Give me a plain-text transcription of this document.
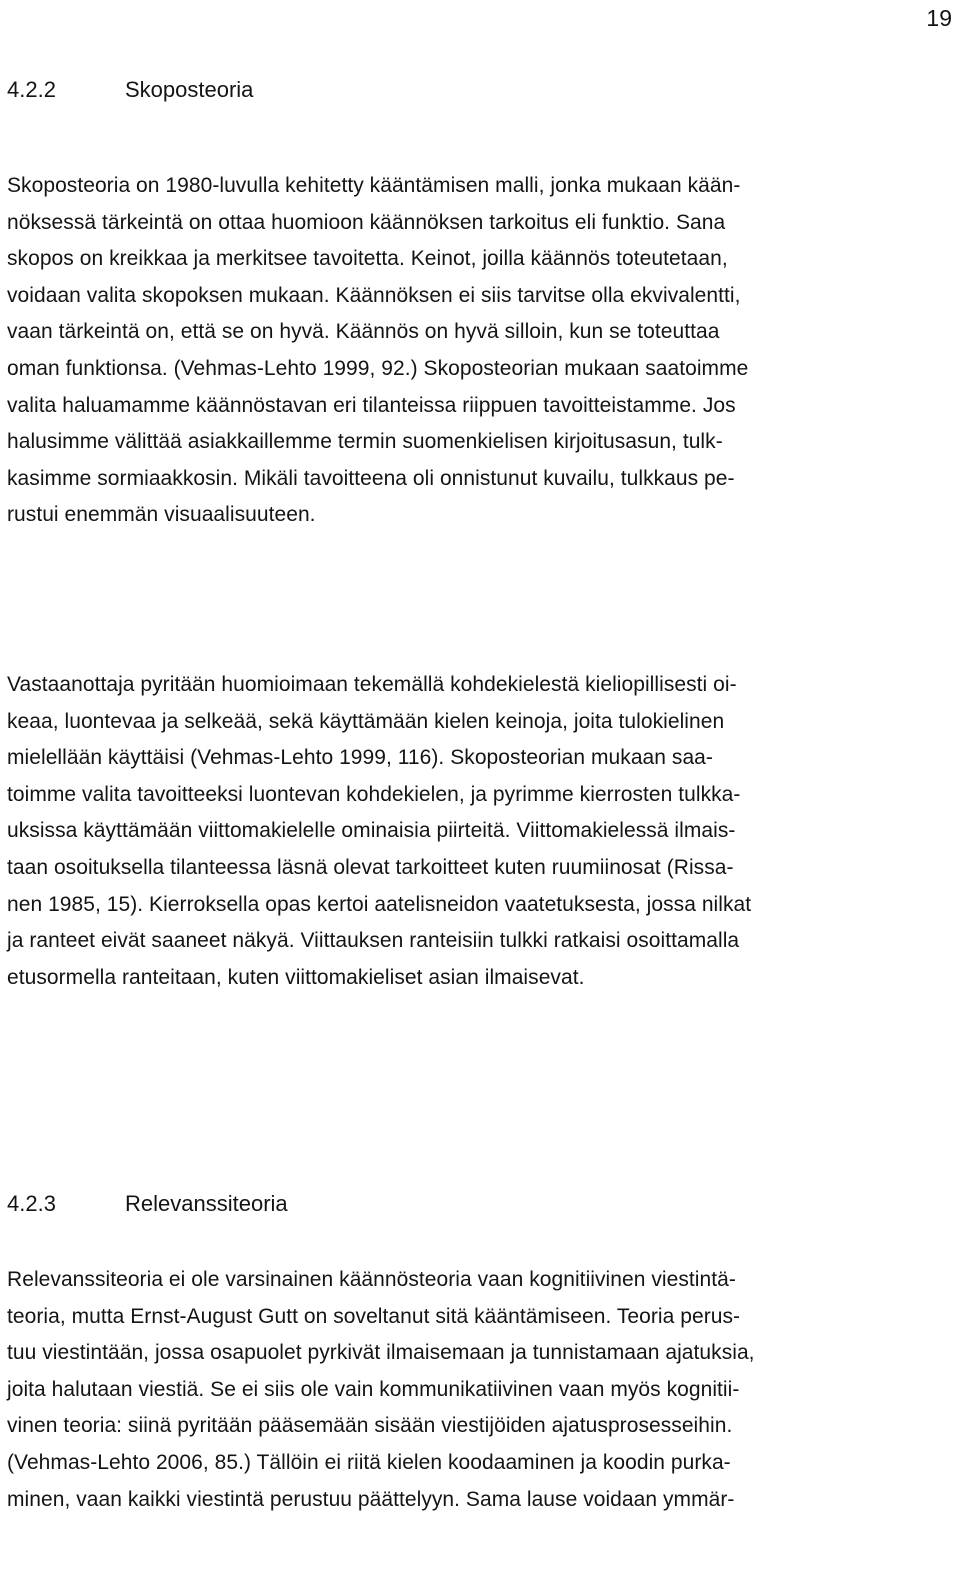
19
4.2.2	Skoposteoria
Skoposteoria on 1980-luvulla kehitetty kääntämisen malli, jonka mukaan kään-
nöksessä tärkeintä on ottaa huomioon käännöksen tarkoitus eli funktio. Sana
skopos on kreikkaa ja merkitsee tavoitetta. Keinot, joilla käännös toteutetaan,
voidaan valita skopoksen mukaan. Käännöksen ei siis tarvitse olla ekvivalentti,
vaan tärkeintä on, että se on hyvä. Käännös on hyvä silloin, kun se toteuttaa
oman funktionsa. (Vehmas-Lehto 1999, 92.) Skoposteorian mukaan saatoimme
valita haluamamme käännöstavan eri tilanteissa riippuen tavoitteistamme. Jos
halusimme välittää asiakkaillemme termin suomenkielisen kirjoitusasun, tulk-
kasimme sormiaakkosin. Mikäli tavoitteena oli onnistunut kuvailu, tulkkaus pe-
rustui enemmän visuaalisuuteen.
Vastaanottaja pyritään huomioimaan tekemällä kohdekielestä kieliopillisesti oi-
keaa, luontevaa ja selkeää, sekä käyttämään kielen keinoja, joita tulokielinen
mielellään käyttäisi (Vehmas-Lehto 1999, 116). Skoposteorian mukaan saa-
toimme valita tavoitteeksi luontevan kohdekielen, ja pyrimme kierrosten tulkka-
uksissa käyttämään viittomakielelle ominaisia piirteitä. Viittomakielessä ilmais-
taan osoituksella tilanteessa läsnä olevat tarkoitteet kuten ruumiinosat (Rissa-
nen 1985, 15). Kierroksella opas kertoi aatelisneidon vaatetuksesta, jossa nilkat
ja ranteet eivät saaneet näkyä. Viittauksen ranteisiin tulkki ratkaisi osoittamalla
etusormella ranteitaan, kuten viittomakieliset asian ilmaisevat.
4.2.3	Relevanssiteoria
Relevanssiteoria ei ole varsinainen käännösteoria vaan kognitiivinen viestintä-
teoria, mutta Ernst-August Gutt on soveltanut sitä kääntämiseen. Teoria perus-
tuu viestintään, jossa osapuolet pyrkivät ilmaisemaan ja tunnistamaan ajatuksia,
joita halutaan viestiä. Se ei siis ole vain kommunikatiivinen vaan myös kognitii-
vinen teoria: siinä pyritään pääsemään sisään viestijöiden ajatusprosesseihin.
(Vehmas-Lehto 2006, 85.) Tällöin ei riitä kielen koodaaminen ja koodin purka-
minen, vaan kaikki viestintä perustuu päättelyyn. Sama lause voidaan ymmär-
